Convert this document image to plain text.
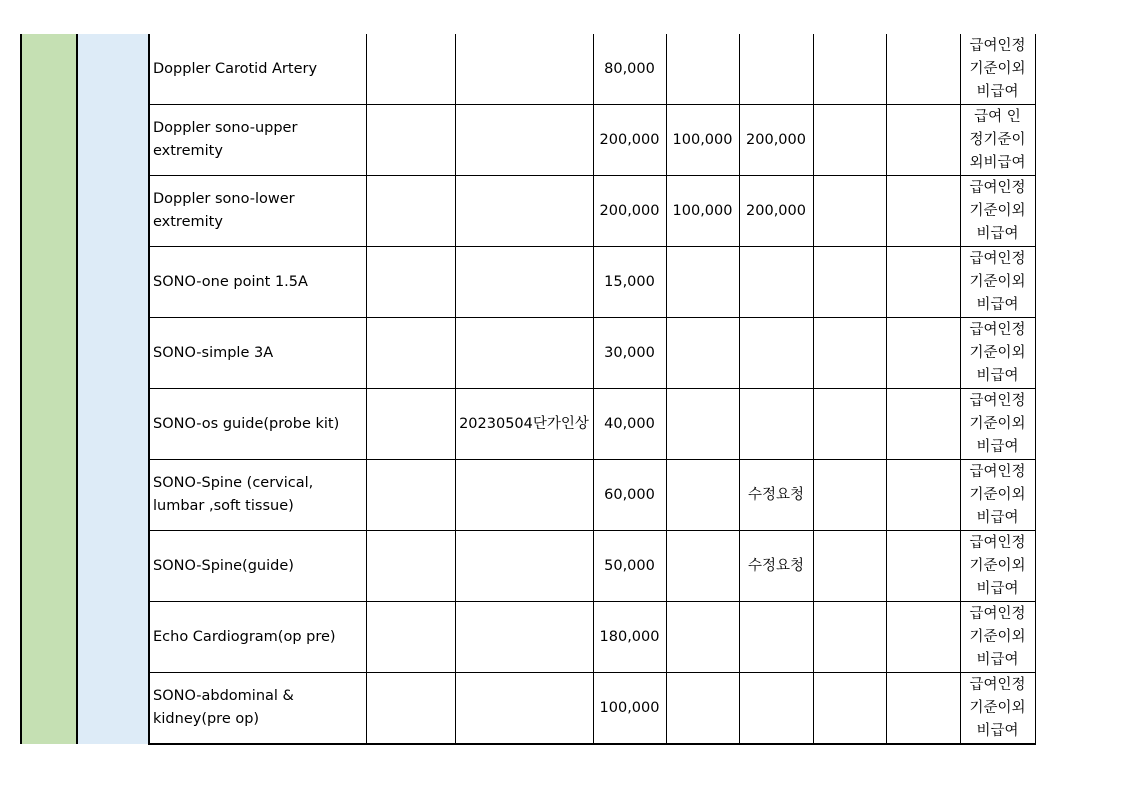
		Doppler Carotid Artery			80,000					급여인정
기준이외
비급여
		Doppler sono-upper extremity			200,000	100,000	200,000			급여 인
정기준이
외비급여
		Doppler sono-lower extremity			200,000	100,000	200,000			급여인정
기준이외
비급여
		SONO-one point 1.5A			15,000					급여인정
기준이외
비급여
		SONO-simple 3A			30,000					급여인정
기준이외
비급여
		SONO-os guide(probe kit)		20230504단가인상	40,000					급여인정
기준이외
비급여
		SONO-Spine (cervical, lumbar ,soft tissue)			60,000		수정요청			급여인정
기준이외
비급여
		SONO-Spine(guide)			50,000		수정요청			급여인정
기준이외
비급여
		Echo Cardiogram(op pre)			180,000					급여인정
기준이외
비급여
		SONO-abdominal & kidney(pre op)			100,000					급여인정
기준이외
비급여
